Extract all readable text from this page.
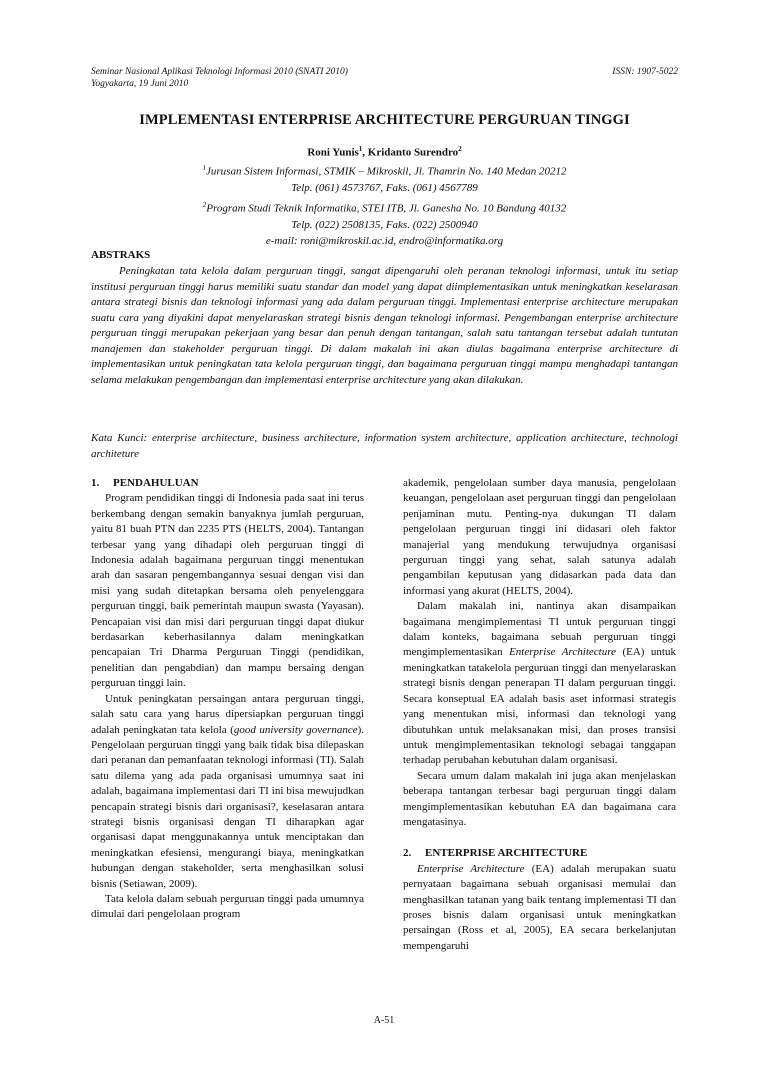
Seminar Nasional Aplikasi Teknologi Informasi 2010 (SNATI 2010)
Yogyakarta, 19 Juni 2010
ISSN: 1907-5022
IMPLEMENTASI ENTERPRISE ARCHITECTURE PERGURUAN TINGGI
Roni Yunis$^1$, Kridanto Surendro$^2$
$^1$Jurusan Sistem Informasi, STMIK – Mikroskil, Jl. Thamrin No. 140 Medan 20212
Telp. (061) 4573767, Faks. (061) 4567789
$^2$Program Studi Teknik Informatika, STEI ITB, Jl. Ganesha No. 10 Bandung 40132
Telp. (022) 2508135, Faks. (022) 2500940
e-mail: roni@mikroskil.ac.id, endro@informatika.org
ABSTRAKS

Peningkatan tata kelola dalam perguruan tinggi, sangat dipengaruhi oleh peranan teknologi informasi, untuk itu setiap institusi perguruan tinggi harus memiliki suatu standar dan model yang dapat diimplementasikan untuk meningkatkan keselarasan antara strategi bisnis dan teknologi informasi yang ada dalam perguruan tinggi. Implementasi enterprise architecture merupakan suatu cara yang diyakini dapat menyelaraskan strategi bisnis dengan teknologi informasi. Pengembangan enterprise architecture perguruan tinggi merupakan pekerjaan yang besar dan penuh dengan tantangan, salah satu tantangan tersebut adalah tuntutan manajemen dan stakeholder perguruan tinggi. Di dalam makalah ini akan diulas bagaimana enterprise architecture di implementasikan untuk peningkatan tata kelola perguruan tinggi, dan bagaimana perguruan tinggi mampu menghadapi tantangan selama melakukan pengembangan dan implementasi enterprise architecture yang akan dilakukan.

Kata Kunci: enterprise architecture, business architecture, information system architecture, application architecture, technologi architeture

1.     PENDAHULUAN

Program pendidikan tinggi di Indonesia pada saat ini terus berkembang dengan semakin banyaknya jumlah perguruan, yaitu 81 buah PTN dan 2235 PTS (HELTS, 2004). Tantangan terbesar yang yang dihadapi oleh perguruan tinggi di Indonesia adalah bagaimana perguruan tinggi menentukan arah dan sasaran pengembangannya sesuai dengan visi dan misi yang sudah ditetapkan bersama oleh penyelenggara perguruan tinggi, baik pemerintah maupun swasta (Yayasan). Pencapaian visi dan misi dari perguruan tinggi dapat diukur berdasarkan keberhasilannya dalam meningkatkan pencapaian Tri Dharma Perguruan Tinggi (pendidikan, penelitian dan pengabdian) dan mampu bersaing dengan perguruan tinggi lain.

Untuk peningkatan persaingan antara perguruan tinggi, salah satu cara yang harus dipersiapkan perguruan tinggi adalah peningkatan tata kelola (good university governance). Pengelolaan perguruan tinggi yang baik tidak bisa dilepaskan dari peranan dan pemanfaatan teknologi informasi (TI). Salah satu dilema yang ada pada organisasi umumnya saat ini adalah, bagaimana implementasi dari TI ini bisa mewujudkan pencapain strategi bisnis dari organisasi?, keselasaran antara strategi bisnis organisasi dengan TI diharapkan agar organisasi dapat menggunakannya untuk menciptakan dan meningkatkan efesiensi, mengurangi biaya, meningkatkan hubungan dengan stakeholder, serta menghasilkan solusi bisnis (Setiawan, 2009).

Tata kelola dalam sebuah perguruan tinggi pada umumnya dimulai dari pengelolaan program

akademik, pengelolaan sumber daya manusia, pengelolaan keuangan, pengelolaan aset perguruan tinggi dan pengelolaan penjaminan mutu. Penting-nya dukungan TI dalam pengelolaan perguruan tinggi ini didasari oleh faktor manajerial yang mendukung terwujudnya organisasi perguruan tinggi yang sehat, salah satunya adalah pengambilan keputusan yang didasarkan pada data dan informasi yang akurat (HELTS, 2004).

Dalam makalah ini, nantinya akan disampaikan bagaimana mengimplementasi TI untuk perguruan tinggi dalam konteks, bagaimana sebuah perguruan tinggi mengimplementasikan Enterprise Architecture (EA) untuk meningkatkan tatakelola perguruan tinggi dan menyelaraskan strategi bisnis dengan penerapan TI dalam perguruan tinggi. Secara konseptual EA adalah basis aset informasi strategis yang menentukan misi, informasi dan teknologi yang dibutuhkan untuk melaksanakan misi, dan proses transisi untuk mengimplementasikan teknologi sebagai tanggapan terhadap perubahan kebutuhan dalam organisasi.

Secara umum dalam makalah ini juga akan menjelaskan beberapa tantangan terbesar bagi perguruan tinggi dalam mengimplementasikan kebutuhan EA dan bagaimana cara mengatasinya.

2.     ENTERPRISE ARCHITECTURE

Enterprise Architecture (EA) adalah merupakan suatu pernyataan bagaimana sebuah organisasi memulai dan menghasilkan tatanan yang baik tentang implementasi TI dan proses bisnis dalam organisasi untuk meningkatkan persaingan (Ross et al, 2005), EA secara berkelanjutan mempengaruhi

A-51
